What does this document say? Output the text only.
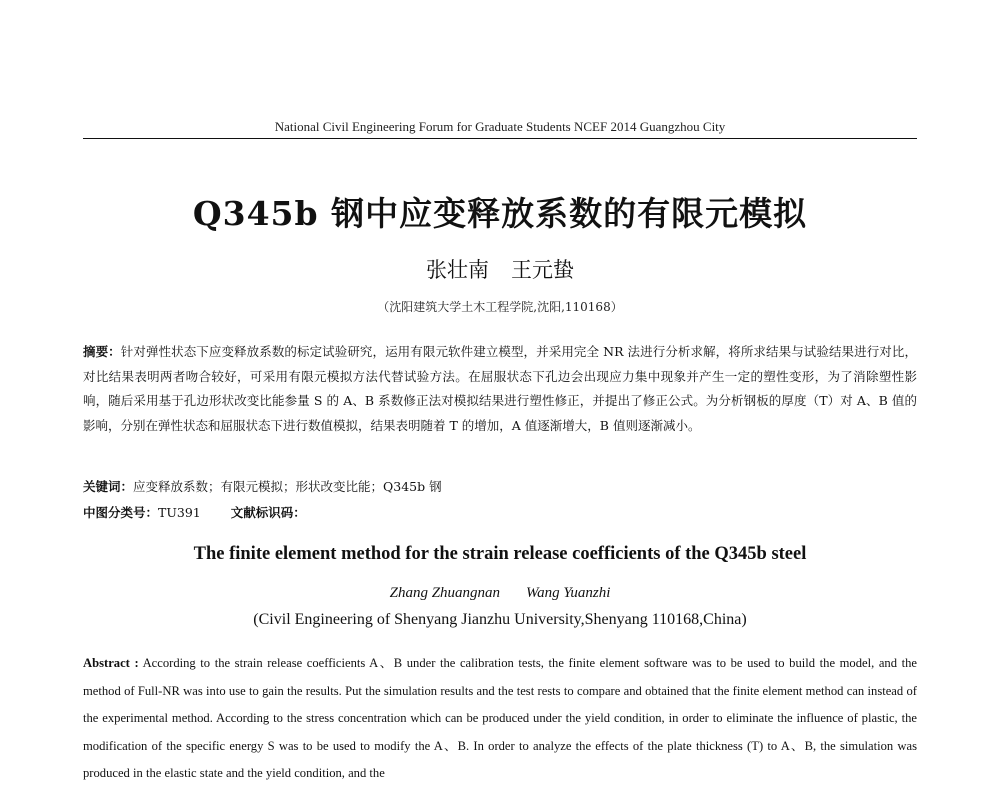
National Civil Engineering Forum for Graduate Students NCEF 2014 Guangzhou City
Q345b 钢中应变释放系数的有限元模拟
张壮南 王元蛰
（沈阳建筑大学土木工程学院,沈阳,110168）
摘要：针对弹性状态下应变释放系数的标定试验研究，运用有限元软件建立模型，并采用完全 NR 法进行分析求解，将所求结果与试验结果进行对比，对比结果表明两者吻合较好，可采用有限元模拟方法代替试验方法。在屈服状态下孔边会出现应力集中现象并产生一定的塑性变形，为了消除塑性影响，随后采用基于孔边形状改变比能参量 S 的 A、B 系数修正法对模拟结果进行塑性修正，并提出了修正公式。为分析钢板的厚度（T）对 A、B 值的影响，分别在弹性状态和屈服状态下进行数值模拟，结果表明随着 T 的增加，A 值逐渐增大，B 值则逐渐减小。
关键词：应变释放系数；有限元模拟；形状改变比能；Q345b 钢
中图分类号：TU391 文献标识码：
The finite element method for the strain release coefficients of the Q345b steel
Zhang Zhuangnan Wang Yuanzhi
(Civil Engineering of Shenyang Jianzhu University,Shenyang 110168,China)
Abstract : According to the strain release coefficients A、B under the calibration tests, the finite element software was to be used to build the model, and the method of Full-NR was into use to gain the results. Put the simulation results and the test rests to compare and obtained that the finite element method can instead of the experimental method. According to the stress concentration which can be produced under the yield condition, in order to eliminate the influence of plastic, the modification of the specific energy S was to be used to modify the A、B. In order to analyze the effects of the plate thickness (T) to A、B, the simulation was produced in the elastic state and the yield condition, and the
